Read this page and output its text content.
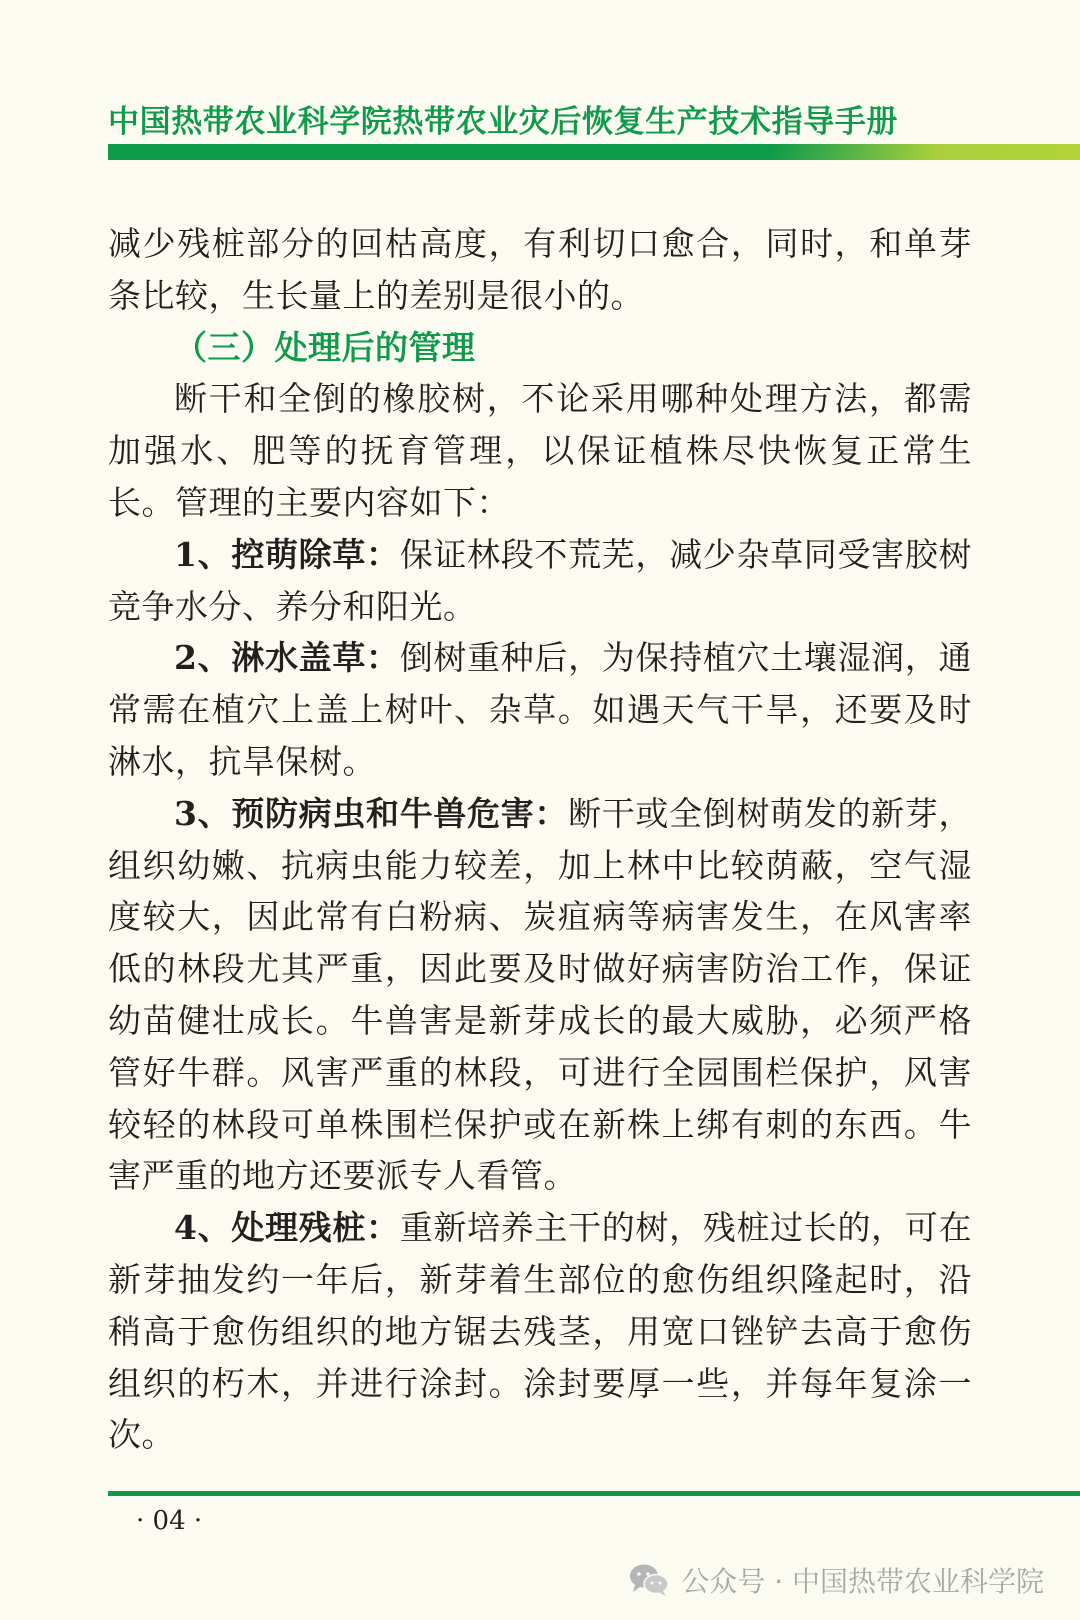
中国热带农业科学院热带农业灾后恢复生产技术指导手册

减少残桩部分的回枯高度，有利切口愈合，同时，和单芽条比较，生长量上的差别是很小的。

（三）处理后的管理

断干和全倒的橡胶树，不论采用哪种处理方法，都需加强水、肥等的抚育管理，以保证植株尽快恢复正常生长。管理的主要内容如下：

1、控萌除草：保证林段不荒芜，减少杂草同受害胶树竞争水分、养分和阳光。

2、淋水盖草：倒树重种后，为保持植穴土壤湿润，通常需在植穴上盖上树叶、杂草。如遇天气干旱，还要及时淋水，抗旱保树。

3、预防病虫和牛兽危害：断干或全倒树萌发的新芽，组织幼嫩、抗病虫能力较差，加上林中比较荫蔽，空气湿度较大，因此常有白粉病、炭疽病等病害发生，在风害率低的林段尤其严重，因此要及时做好病害防治工作，保证幼苗健壮成长。牛兽害是新芽成长的最大威胁，必须严格管好牛群。风害严重的林段，可进行全园围栏保护，风害较轻的林段可单株围栏保护或在新株上绑有刺的东西。牛害严重的地方还要派专人看管。

4、处理残桩：重新培养主干的树，残桩过长的，可在新芽抽发约一年后，新芽着生部位的愈伤组织隆起时，沿稍高于愈伤组织的地方锯去残茎，用宽口锉铲去高于愈伤组织的朽木，并进行涂封。涂封要厚一些，并每年复涂一次。

· 04 ·
公众号 · 中国热带农业科学院
